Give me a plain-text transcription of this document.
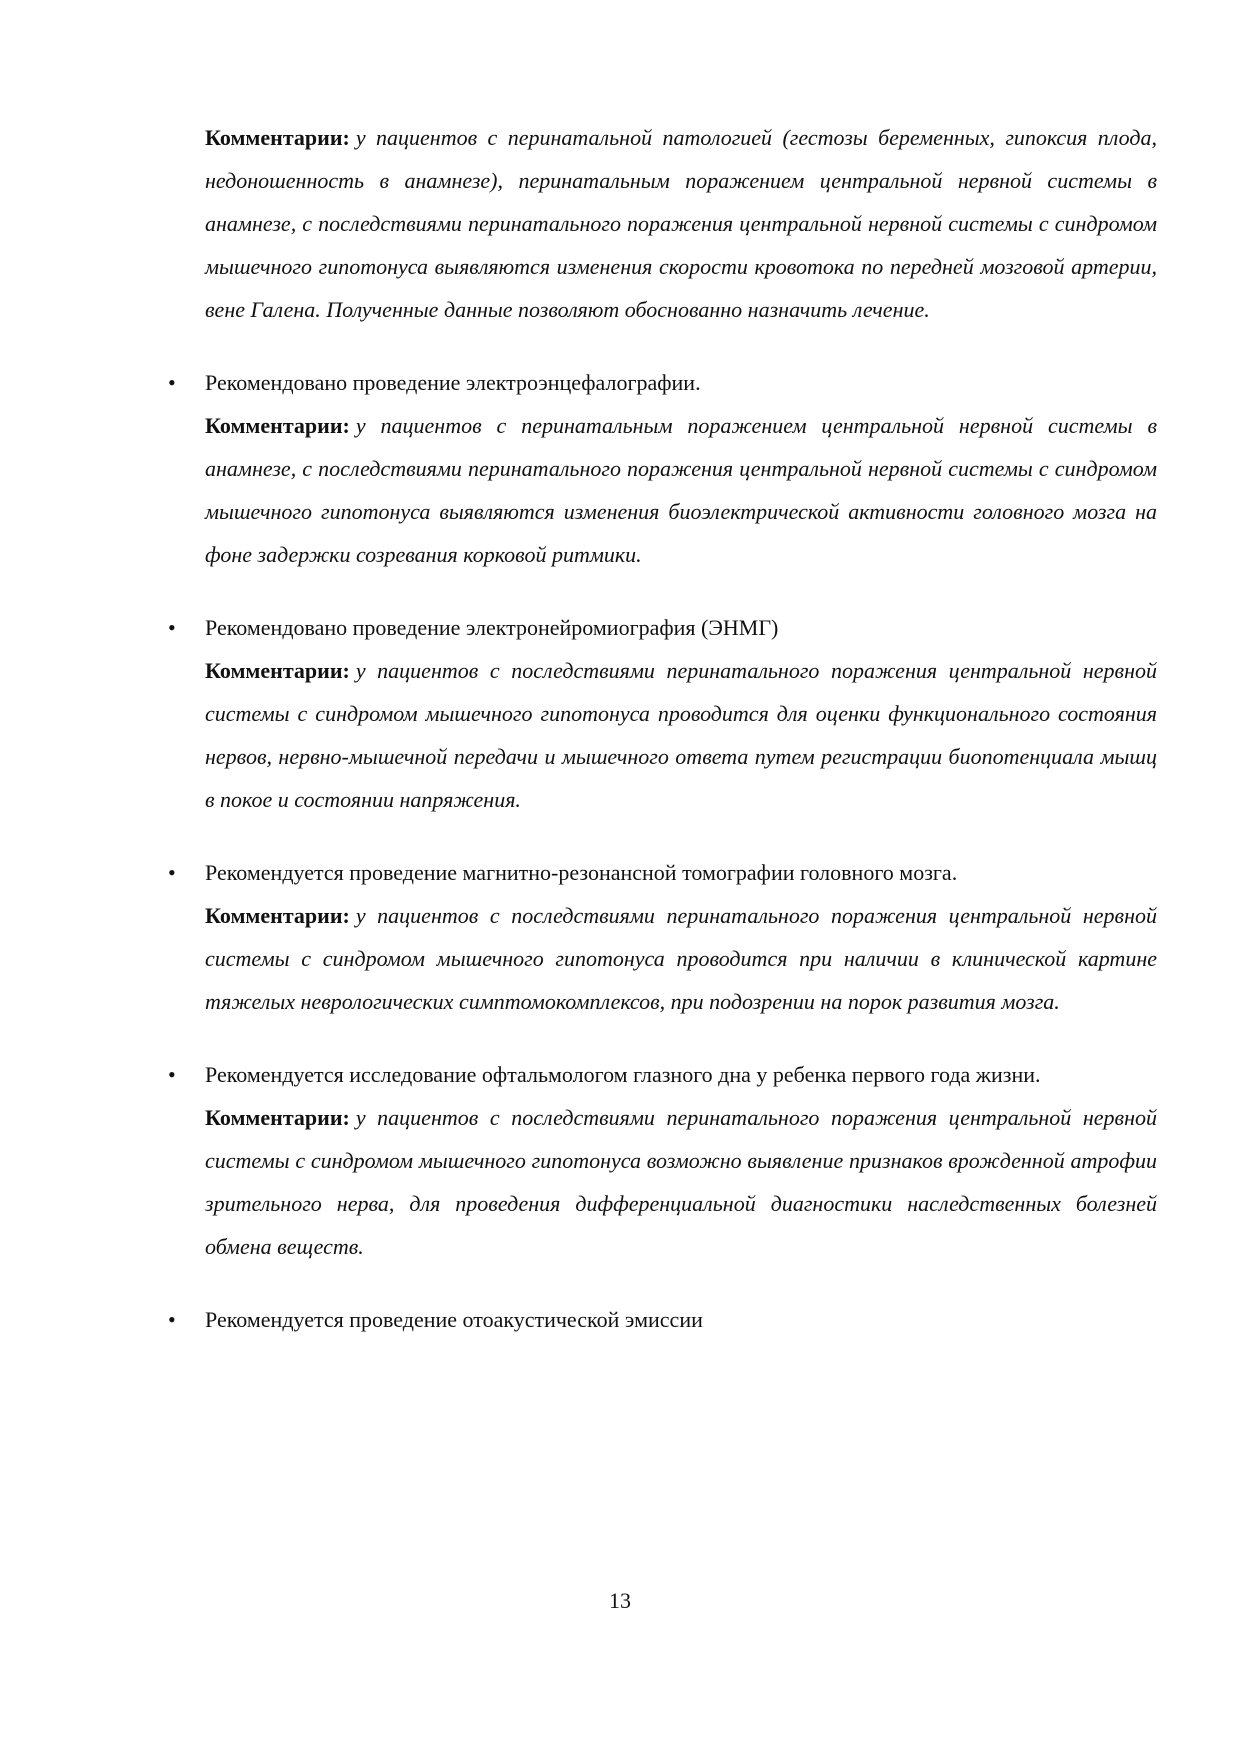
Комментарии: у пациентов с перинатальной патологией (гестозы беременных, гипоксия плода, недоношенность в анамнезе), перинатальным поражением центральной нервной системы в анамнезе, с последствиями перинатального поражения центральной нервной системы с синдромом мышечного гипотонуса выявляются изменения скорости кровотока по передней мозговой артерии, вене Галена. Полученные данные позволяют обоснованно назначить лечение.

• Рекомендовано проведение электроэнцефалографии.

Комментарии: у пациентов с перинатальным поражением центральной нервной системы в анамнезе, с последствиями перинатального поражения центральной нервной системы с синдромом мышечного гипотонуса выявляются изменения биоэлектрической активности головного мозга на фоне задержки созревания корковой ритмики.

• Рекомендовано проведение электронейромиография (ЭНМГ)

Комментарии: у пациентов с последствиями перинатального поражения центральной нервной системы с синдромом мышечного гипотонуса проводится для оценки функционального состояния нервов, нервно-мышечной передачи и мышечного ответа путем регистрации биопотенциала мышц в покое и состоянии напряжения.

• Рекомендуется проведение магнитно-резонансной томографии головного мозга.

Комментарии: у пациентов с последствиями перинатального поражения центральной нервной системы с синдромом мышечного гипотонуса проводится при наличии в клинической картине тяжелых неврологических симптомокомплексов, при подозрении на порок развития мозга.

• Рекомендуется исследование офтальмологом глазного дна у ребенка первого года жизни.

Комментарии: у пациентов с последствиями перинатального поражения центральной нервной системы с синдромом мышечного гипотонуса возможно выявление признаков врожденной атрофии зрительного нерва, для проведения дифференциальной диагностики наследственных болезней обмена веществ.

• Рекомендуется проведение отоакустической эмиссии

13
